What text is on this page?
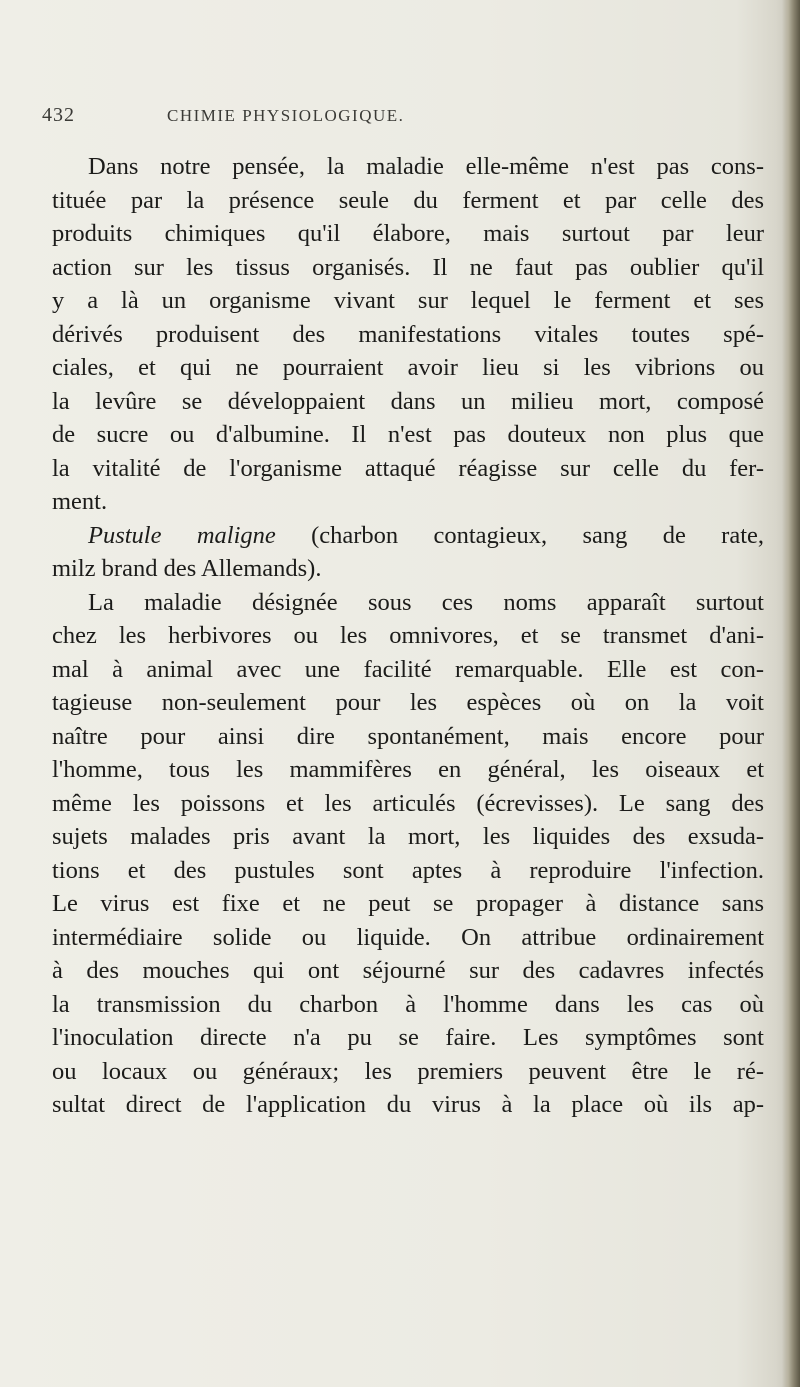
432	CHIMIE PHYSIOLOGIQUE.
Dans notre pensée, la maladie elle-même n'est pas cons-
tituée par la présence seule du ferment et par celle des
produits chimiques qu'il élabore, mais surtout par leur
action sur les tissus organisés. Il ne faut pas oublier qu'il
y a là un organisme vivant sur lequel le ferment et ses
dérivés produisent des manifestations vitales toutes spé-
ciales, et qui ne pourraient avoir lieu si les vibrions ou
la levûre se développaient dans un milieu mort, composé
de sucre ou d'albumine. Il n'est pas douteux non plus que
la vitalité de l'organisme attaqué réagisse sur celle du fer-
ment.
Pustule maligne (charbon contagieux, sang de rate,
milz brand des Allemands).
La maladie désignée sous ces noms apparaît surtout
chez les herbivores ou les omnivores, et se transmet d'ani-
mal à animal avec une facilité remarquable. Elle est con-
tagieuse non-seulement pour les espèces où on la voit
naître pour ainsi dire spontanément, mais encore pour
l'homme, tous les mammifères en général, les oiseaux et
même les poissons et les articulés (écrevisses). Le sang des
sujets malades pris avant la mort, les liquides des exsuda-
tions et des pustules sont aptes à reproduire l'infection.
Le virus est fixe et ne peut se propager à distance sans
intermédiaire solide ou liquide. On attribue ordinairement
à des mouches qui ont séjourné sur des cadavres infectés
la transmission du charbon à l'homme dans les cas où
l'inoculation directe n'a pu se faire. Les symptômes sont
ou locaux ou généraux; les premiers peuvent être le ré-
sultat direct de l'application du virus à la place où ils ap-
